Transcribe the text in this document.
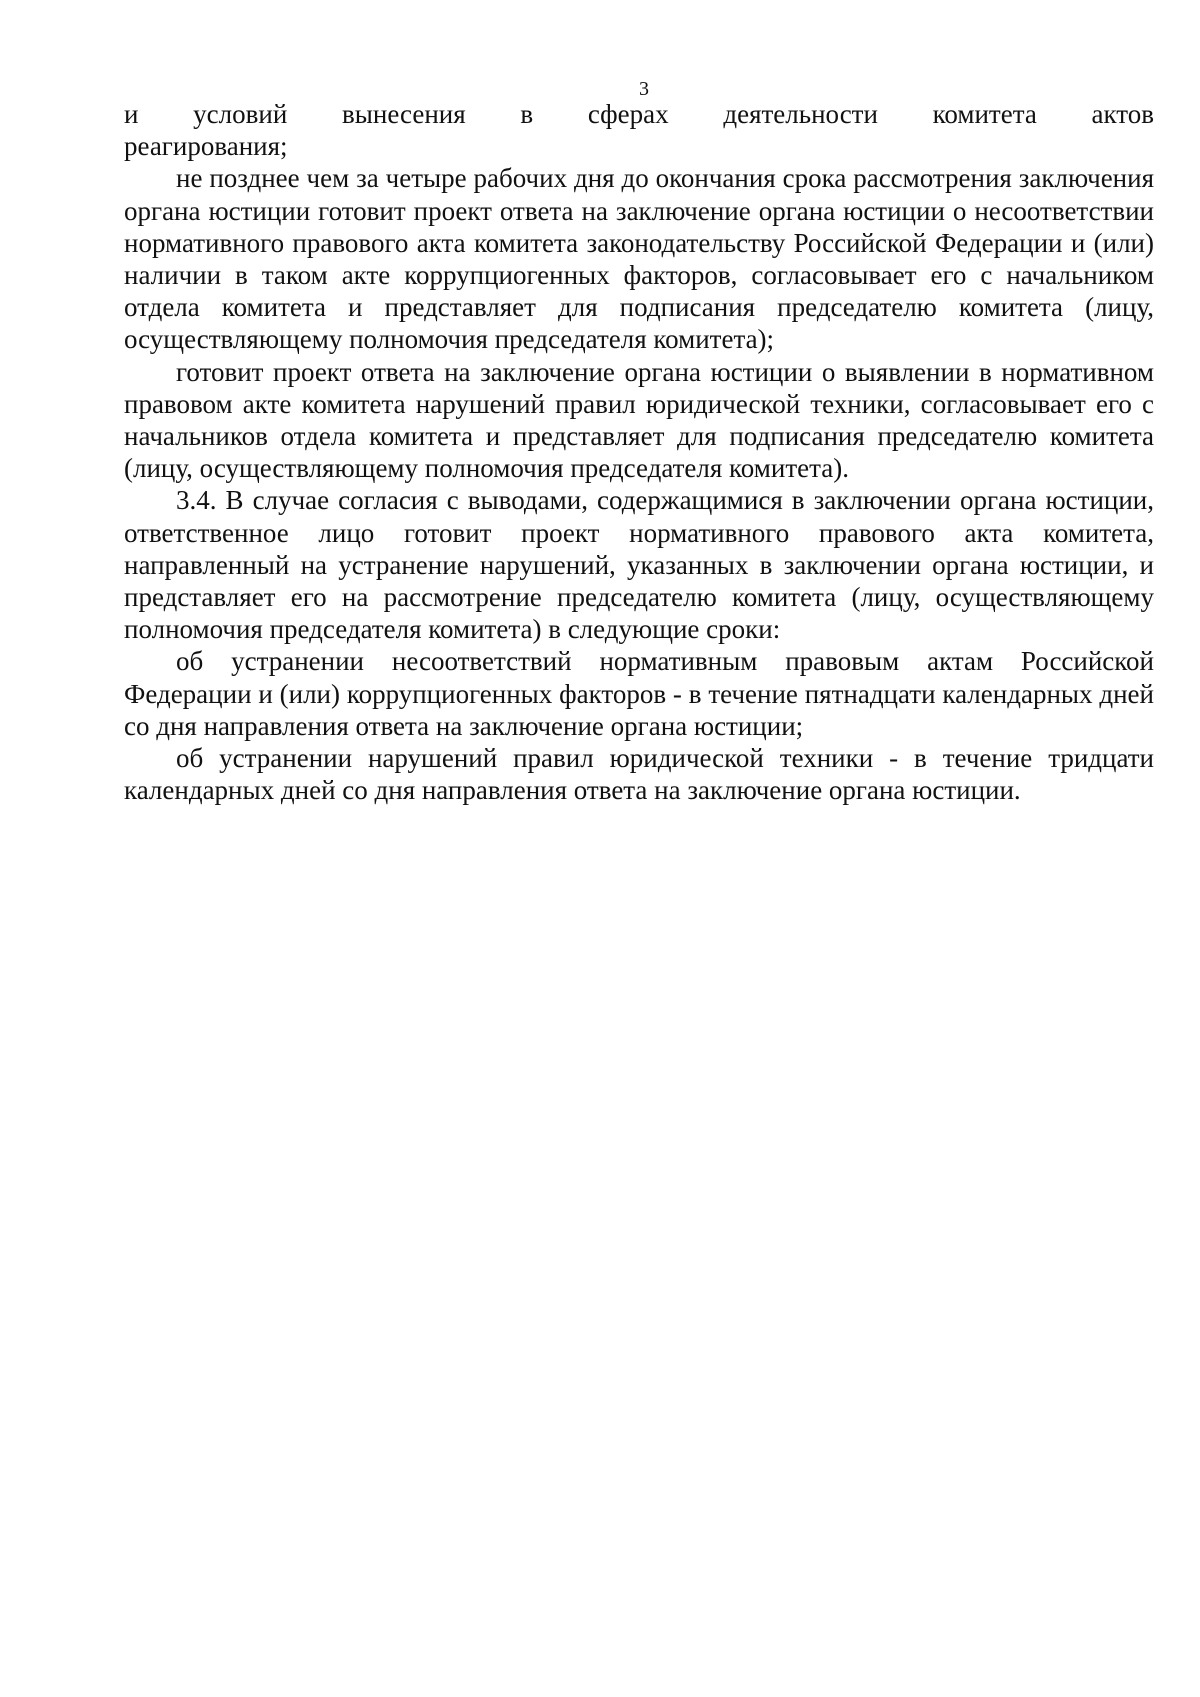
3

и условий вынесения в сферах деятельности комитета актов

реагирования;

не позднее чем за четыре рабочих дня до окончания срока рассмотрения заключения органа юстиции готовит проект ответа на заключение органа юстиции о несоответствии нормативного правового акта комитета законодательству Российской Федерации и (или) наличии в таком акте коррупциогенных факторов, согласовывает его с начальником отдела комитета и представляет для подписания председателю комитета (лицу, осуществляющему полномочия председателя комитета);

готовит проект ответа на заключение органа юстиции о выявлении в нормативном правовом акте комитета нарушений правил юридической техники, согласовывает его с начальников отдела комитета и представляет для подписания председателю комитета (лицу, осуществляющему полномочия председателя комитета).

3.4. В случае согласия с выводами, содержащимися в заключении органа юстиции, ответственное лицо готовит проект нормативного правового акта комитета, направленный на устранение нарушений, указанных в заключении органа юстиции, и представляет его на рассмотрение председателю комитета (лицу, осуществляющему полномочия председателя комитета) в следующие сроки:

об устранении несоответствий нормативным правовым актам Российской Федерации и (или) коррупциогенных факторов - в течение пятнадцати календарных дней со дня направления ответа на заключение органа юстиции;

об устранении нарушений правил юридической техники - в течение тридцати календарных дней со дня направления ответа на заключение органа юстиции.
